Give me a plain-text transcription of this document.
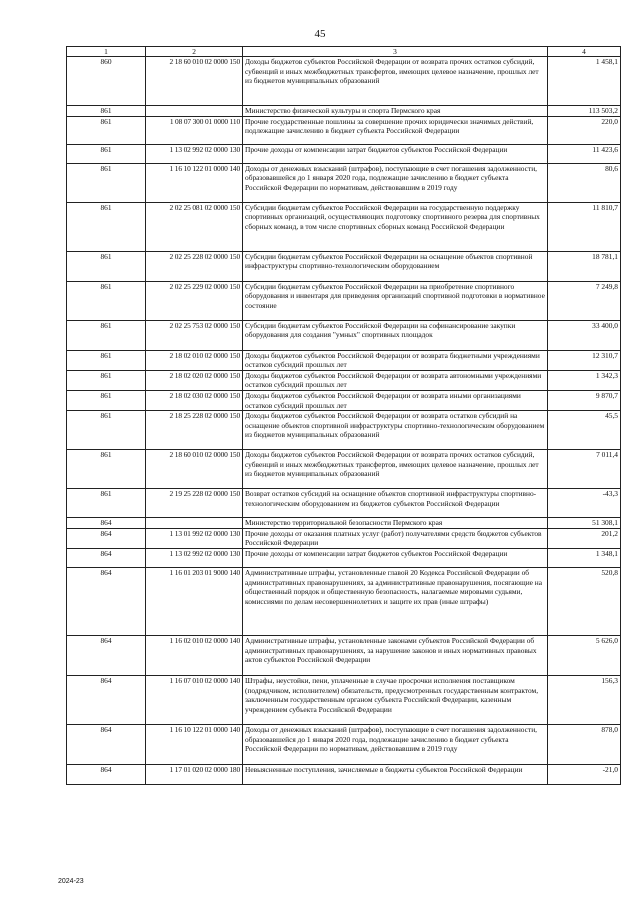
45
1	2	3	4
860	2 18 60 010 02 0000 150	Доходы бюджетов субъектов Российской Федерации от возврата прочих остатков субсидий, субвенций и иных межбюджетных трансфертов, имеющих целевое назначение, прошлых лет из бюджетов муниципальных образований	1 458,1
861		Министерство физической культуры и спорта Пермского края	113 503,2
861	1 08 07 300 01 0000 110	Прочие государственные пошлины за совершение прочих юридически значимых действий, подлежащие зачислению в бюджет субъекта Российской Федерации	220,0
861	1 13 02 992 02 0000 130	Прочие доходы от компенсации затрат бюджетов субъектов Российской Федерации	11 423,6
861	1 16 10 122 01 0000 140	Доходы от денежных взысканий (штрафов), поступающие в счет погашения задолженности, образовавшейся до 1 января 2020 года, подлежащие зачислению в бюджет субъекта Российской Федерации по нормативам, действовавшим в 2019 году	80,6
861	2 02 25 081 02 0000 150	Субсидии бюджетам субъектов Российской Федерации на государственную поддержку спортивных организаций, осуществляющих подготовку спортивного резерва для спортивных сборных команд, в том числе спортивных сборных команд Российской Федерации	11 810,7
861	2 02 25 228 02 0000 150	Субсидии бюджетам субъектов Российской Федерации на оснащение объектов спортивной инфраструктуры спортивно-технологическим оборудованием	18 781,1
861	2 02 25 229 02 0000 150	Субсидии бюджетам субъектов Российской Федерации на приобретение спортивного оборудования и инвентаря для приведения организаций спортивной подготовки в нормативное состояние	7 249,8
861	2 02 25 753 02 0000 150	Субсидии бюджетам субъектов Российской Федерации на софинансирование закупки оборудования для создания "умных" спортивных площадок	33 400,0
861	2 18 02 010 02 0000 150	Доходы бюджетов субъектов Российской Федерации от возврата бюджетными учреждениями остатков субсидий прошлых лет	12 310,7
861	2 18 02 020 02 0000 150	Доходы бюджетов субъектов Российской Федерации от возврата автономными учреждениями остатков субсидий прошлых лет	1 342,3
861	2 18 02 030 02 0000 150	Доходы бюджетов субъектов Российской Федерации от возврата иными организациями остатков субсидий прошлых лет	9 870,7
861	2 18 25 228 02 0000 150	Доходы бюджетов субъектов Российской Федерации от возврата остатков субсидий на оснащение объектов спортивной инфраструктуры спортивно-технологическим оборудованием из бюджетов муниципальных образований	45,5
861	2 18 60 010 02 0000 150	Доходы бюджетов субъектов Российской Федерации от возврата прочих остатков субсидий, субвенций и иных межбюджетных трансфертов, имеющих целевое назначение, прошлых лет из бюджетов муниципальных образований	7 011,4
861	2 19 25 228 02 0000 150	Возврат остатков субсидий на оснащение объектов спортивной инфраструктуры спортивно-технологическим оборудованием из бюджетов субъектов Российской Федерации	-43,3
864		Министерство территориальной безопасности Пермского края	51 308,1
864	1 13 01 992 02 0000 130	Прочие доходы от оказания платных услуг (работ) получателями средств бюджетов субъектов Российской Федерации	201,2
864	1 13 02 992 02 0000 130	Прочие доходы от компенсации затрат бюджетов субъектов Российской Федерации	1 348,1
864	1 16 01 203 01 9000 140	Административные штрафы, установленные главой 20 Кодекса Российской Федерации об административных правонарушениях, за административные правонарушения, посягающие на общественный порядок и общественную безопасность, налагаемые мировыми судьями, комиссиями по делам несовершеннолетних и защите их прав (иные штрафы)	520,8
864	1 16 02 010 02 0000 140	Административные штрафы, установленные законами субъектов Российской Федерации об административных правонарушениях, за нарушение законов и иных нормативных правовых актов субъектов Российской Федерации	5 626,0
864	1 16 07 010 02 0000 140	Штрафы, неустойки, пени, уплаченные в случае просрочки исполнения поставщиком (подрядчиком, исполнителем) обязательств, предусмотренных государственным контрактом, заключенным государственным органом субъекта Российской Федерации, казенным учреждением субъекта Российской Федерации	156,3
864	1 16 10 122 01 0000 140	Доходы от денежных взысканий (штрафов), поступающие в счет погашения задолженности, образовавшейся до 1 января 2020 года, подлежащие зачислению в бюджет субъекта Российской Федерации по нормативам, действовавшим в 2019 году	878,0
864	1 17 01 020 02 0000 180	Невыясненные поступления, зачисляемые в бюджеты субъектов Российской Федерации	-21,0
2024-23
